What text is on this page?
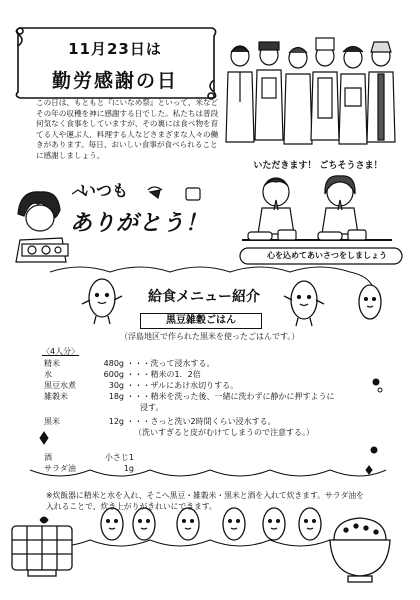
11月23日は
勤労感謝の日
この日は、もともと『にいなめ祭』といって、米などその年の収穫を神に感謝する日でした。私たちは普段何気なく食事をしていますが、その裏には食べ物を育てる人や運ぶ人、料理する人などさまざまな人々の働きがあります。毎日、おいしい食事が食べられることに感謝しましょう。
いただきます！ ごちそうさま！
心を込めてあいさつをしましょう
いつも
ありがとう！
給食メニュー紹介
黒豆雑穀ごはん
（浮島地区で作られた黒米を使ったごはんです。）
〈4人分〉
精米	480g ・・・洗って浸水する。
水	600g ・・・精米の1．2倍
黒豆水煮	30g ・・・ザルにあけ水切りする。
雑穀米	18g ・・・精米を洗った後、一緒に洗わずに静かに押すように
浸す。
黒米	12g ・・・さっと洗い2時間くらい浸水する。
（洗いすぎると皮がむけてしまうので注意する。）
酒	小さじ1
サラダ油	1g
※炊飯器に精米と水を入れ、そこへ黒豆・雑穀米・黒米と酒を入れて炊きます。サラダ油を入れることで、炊き上がりがきれいにできます。
